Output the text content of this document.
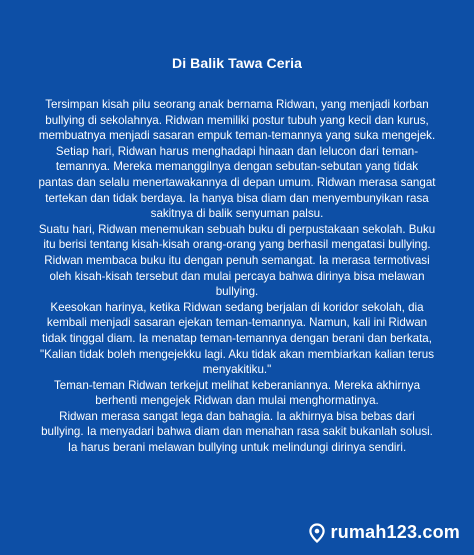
Di Balik Tawa Ceria

Tersimpan kisah pilu seorang anak bernama Ridwan, yang menjadi korban bullying di sekolahnya. Ridwan memiliki postur tubuh yang kecil dan kurus, membuatnya menjadi sasaran empuk teman-temannya yang suka mengejek.

Setiap hari, Ridwan harus menghadapi hinaan dan lelucon dari teman-temannya. Mereka memanggilnya dengan sebutan-sebutan yang tidak pantas dan selalu menertawakannya di depan umum. Ridwan merasa sangat tertekan dan tidak berdaya. Ia hanya bisa diam dan menyembunyikan rasa sakitnya di balik senyuman palsu.

Suatu hari, Ridwan menemukan sebuah buku di perpustakaan sekolah. Buku itu berisi tentang kisah-kisah orang-orang yang berhasil mengatasi bullying. Ridwan membaca buku itu dengan penuh semangat. Ia merasa termotivasi oleh kisah-kisah tersebut dan mulai percaya bahwa dirinya bisa melawan bullying.

Keesokan harinya, ketika Ridwan sedang berjalan di koridor sekolah, dia kembali menjadi sasaran ejekan teman-temannya. Namun, kali ini Ridwan tidak tinggal diam. Ia menatap teman-temannya dengan berani dan berkata, "Kalian tidak boleh mengejekku lagi. Aku tidak akan membiarkan kalian terus menyakitiku."

Teman-teman Ridwan terkejut melihat keberaniannya. Mereka akhirnya berhenti mengejek Ridwan dan mulai menghormatinya.

Ridwan merasa sangat lega dan bahagia. Ia akhirnya bisa bebas dari bullying. Ia menyadari bahwa diam dan menahan rasa sakit bukanlah solusi. Ia harus berani melawan bullying untuk melindungi dirinya sendiri.

rumah123.com
